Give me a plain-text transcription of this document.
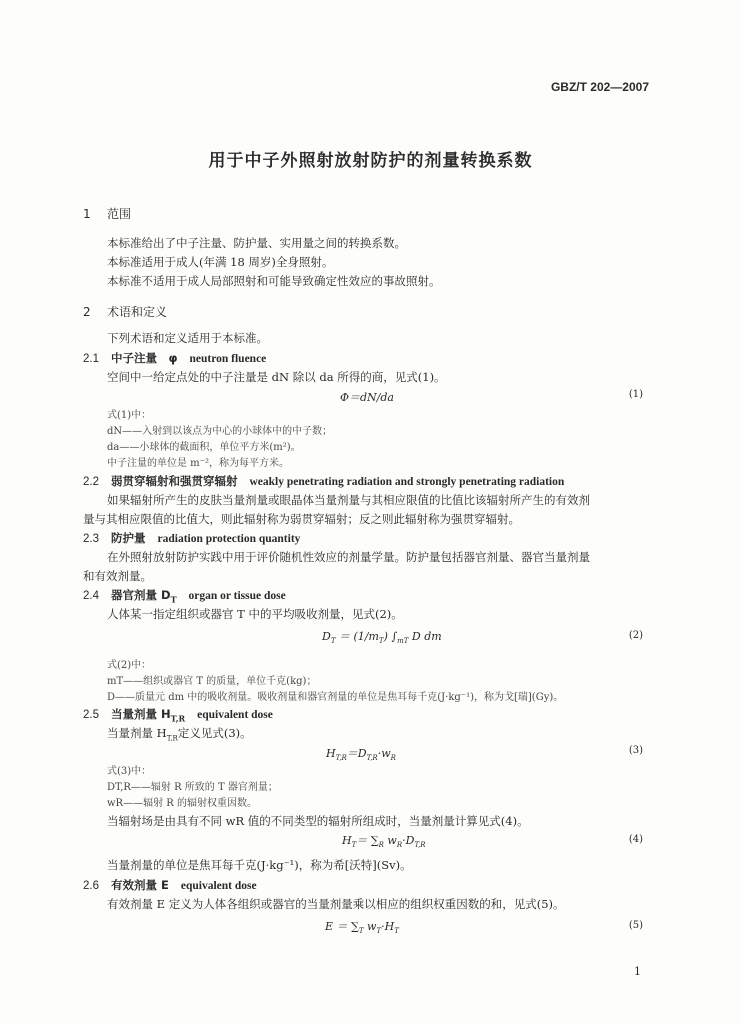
GBZ/T 202—2007
用于中子外照射放射防护的剂量转换系数
1 范围
本标准给出了中子注量、防护量、实用量之间的转换系数。
本标准适用于成人(年满 18 周岁)全身照射。
本标准不适用于成人局部照射和可能导致确定性效应的事故照射。
2 术语和定义
下列术语和定义适用于本标准。
2.1 中子注量　φ neutron fluence
空间中一给定点处的中子注量是 dN 除以 da 所得的商，见式(1)。
Φ＝dN/da	(1)
式(1)中：
dN——入射到以该点为中心的小球体中的中子数；
da——小球体的截面积，单位平方米(m²)。
中子注量的单位是 m⁻²，称为每平方米。
2.2 弱贯穿辐射和强贯穿辐射 weakly penetrating radiation and strongly penetrating radiation
如果辐射所产生的皮肤当量剂量或眼晶体当量剂量与其相应限值的比值比该辐射所产生的有效剂
量与其相应限值的比值大，则此辐射称为弱贯穿辐射；反之则此辐射称为强贯穿辐射。
2.3 防护量 radiation protection quantity
在外照射放射防护实践中用于评价随机性效应的剂量学量。防护量包括器官剂量、器官当量剂量
和有效剂量。
2.4 器官剂量 $D_T$ organ or tissue dose
人体某一指定组织或器官 T 中的平均吸收剂量，见式(2)。
$D_T = (1/m_T)$ $\int_{mT}$ D dm	(2)
式(2)中：
mT——组织或器官 T 的质量，单位千克(kg)；
D——质量元 dm 中的吸收剂量。吸收剂量和器官剂量的单位是焦耳每千克(J·kg⁻¹)，称为戈[瑞](Gy)。
2.5 当量剂量 $H_{T,R}$ equivalent dose
当量剂量 $H_{T,R}$定义见式(3)。
$H_{T,R}=D_{T,R}\cdot w_R$
(3)
式(3)中：
DT,R——辐射 R 所致的 T 器官剂量；
wR——辐射 R 的辐射权重因数。
当辐射场是由具有不同 wR 值的不同类型的辐射所组成时，当量剂量计算见式(4)。
$H_T= \sum_R$ $w_R\cdot D_{T,R}$
(4)
当量剂量的单位是焦耳每千克(J·kg⁻¹)，称为希[沃特](Sv)。
2.6 有效剂量 E equivalent dose
有效剂量 E 定义为人体各组织或器官的当量剂量乘以相应的组织权重因数的和，见式(5)。
$E = \sum_T$ $w_T\cdot H_T$
(5)
1
